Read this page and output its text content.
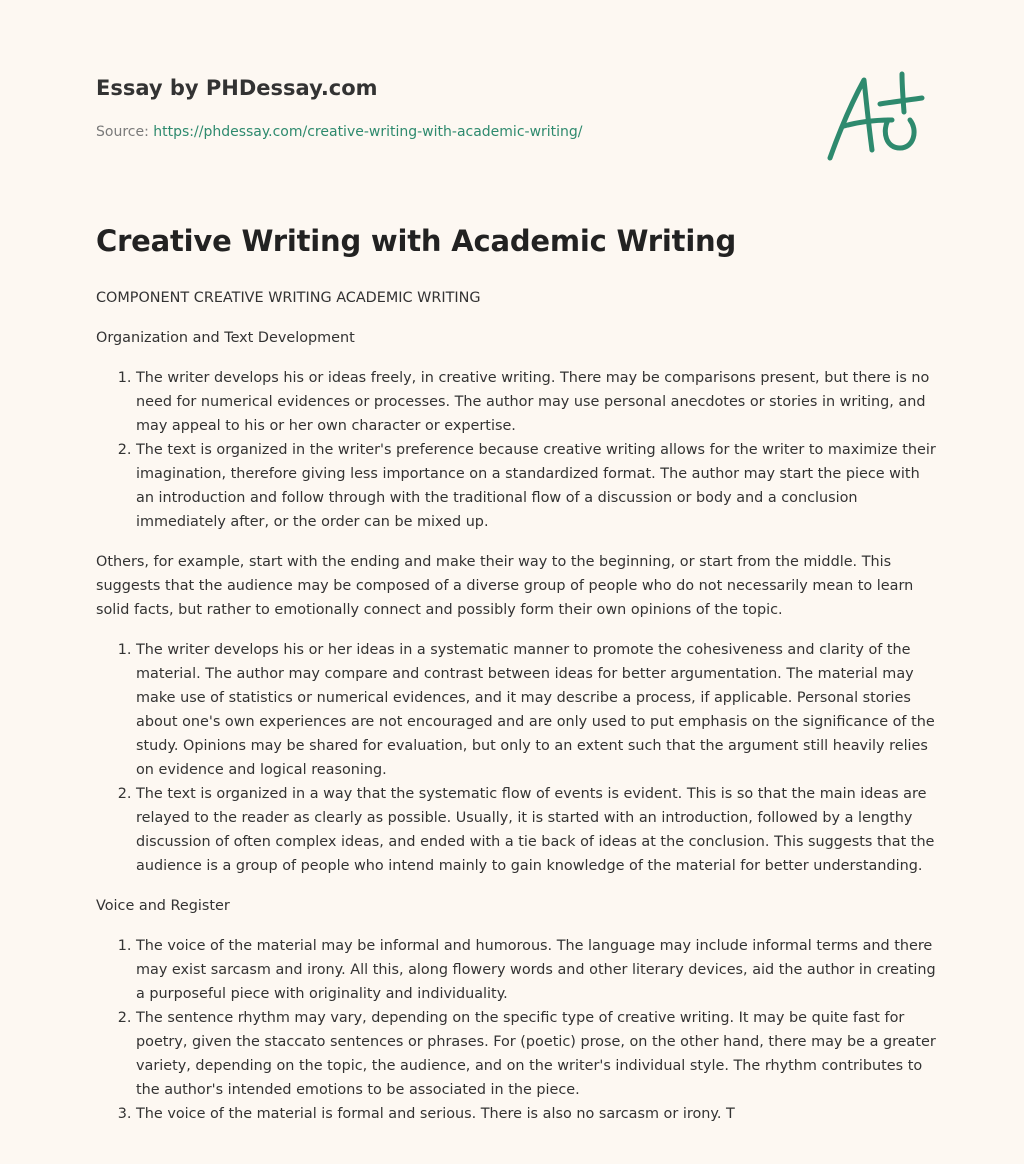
Essay by PHDessay.com
Source: https://phdessay.com/creative-writing-with-academic-writing/
Creative Writing with Academic Writing

COMPONENT CREATIVE WRITING ACADEMIC WRITING

Organization and Text Development

1. The writer develops his or ideas freely, in creative writing. There may be comparisons present, but there is no need for numerical evidences or processes. The author may use personal anecdotes or stories in writing, and may appeal to his or her own character or expertise.
2. The text is organized in the writer's preference because creative writing allows for the writer to maximize their imagination, therefore giving less importance on a standardized format. The author may start the piece with an introduction and follow through with the traditional flow of a discussion or body and a conclusion immediately after, or the order can be mixed up.

Others, for example, start with the ending and make their way to the beginning, or start from the middle. This suggests that the audience may be composed of a diverse group of people who do not necessarily mean to learn solid facts, but rather to emotionally connect and possibly form their own opinions of the topic.

1. The writer develops his or her ideas in a systematic manner to promote the cohesiveness and clarity of the material. The author may compare and contrast between ideas for better argumentation. The material may make use of statistics or numerical evidences, and it may describe a process, if applicable. Personal stories about one's own experiences are not encouraged and are only used to put emphasis on the significance of the study. Opinions may be shared for evaluation, but only to an extent such that the argument still heavily relies on evidence and logical reasoning.
2. The text is organized in a way that the systematic flow of events is evident. This is so that the main ideas are relayed to the reader as clearly as possible. Usually, it is started with an introduction, followed by a lengthy discussion of often complex ideas, and ended with a tie back of ideas at the conclusion. This suggests that the audience is a group of people who intend mainly to gain knowledge of the material for better understanding.

Voice and Register

1. The voice of the material may be informal and humorous. The language may include informal terms and there may exist sarcasm and irony. All this, along flowery words and other literary devices, aid the author in creating a purposeful piece with originality and individuality.
2. The sentence rhythm may vary, depending on the specific type of creative writing. It may be quite fast for poetry, given the staccato sentences or phrases. For (poetic) prose, on the other hand, there may be a greater variety, depending on the topic, the audience, and on the writer's individual style. The rhythm contributes to the author's intended emotions to be associated in the piece.
3. The voice of the material is formal and serious. There is also no sarcasm or irony. T
